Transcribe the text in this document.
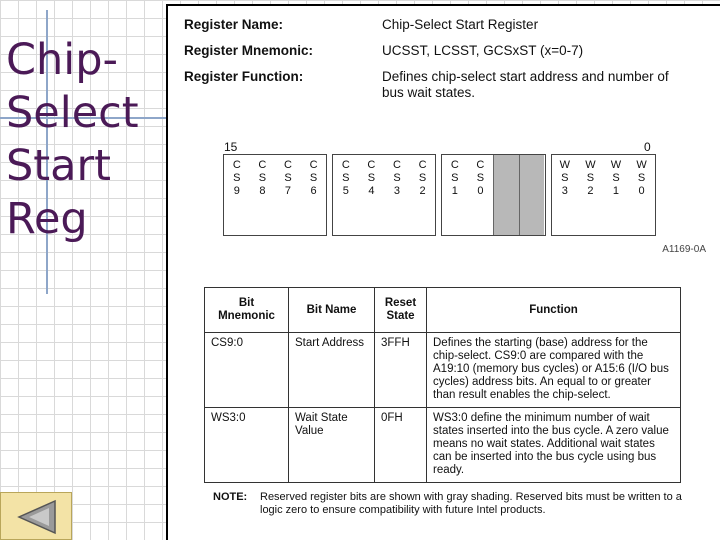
Chip-
Select
Start
Reg
Register Name:	Chip-Select Start Register
Register Mnemonic:	UCSST, LCSST, GCSxST (x=0-7)
Register Function:	Defines chip-select start address and number of
bus wait states.
15	0
C
S
9
C
S
8
C
S
7
C
S
6
C
S
5
C
S
4
C
S
3
C
S
2
C
S
1
C
S
0
W
S
3
W
S
2
W
S
1
W
S
0
A1169-0A
Bit Mnemonic	Bit Name	Reset State	Function
CS9:0	Start Address	3FFH	Defines the starting (base) address for the chip-select. CS9:0 are compared with the A19:10 (memory bus cycles) or A15:6 (I/O bus cycles) address bits. An equal to or greater than result enables the chip-select.
WS3:0	Wait State Value	0FH	WS3:0 define the minimum number of wait states inserted into the bus cycle. A zero value means no wait states. Additional wait states can be inserted into the bus cycle using bus ready.
NOTE: Reserved register bits are shown with gray shading. Reserved bits must be written to a logic zero to ensure compatibility with future Intel products.
